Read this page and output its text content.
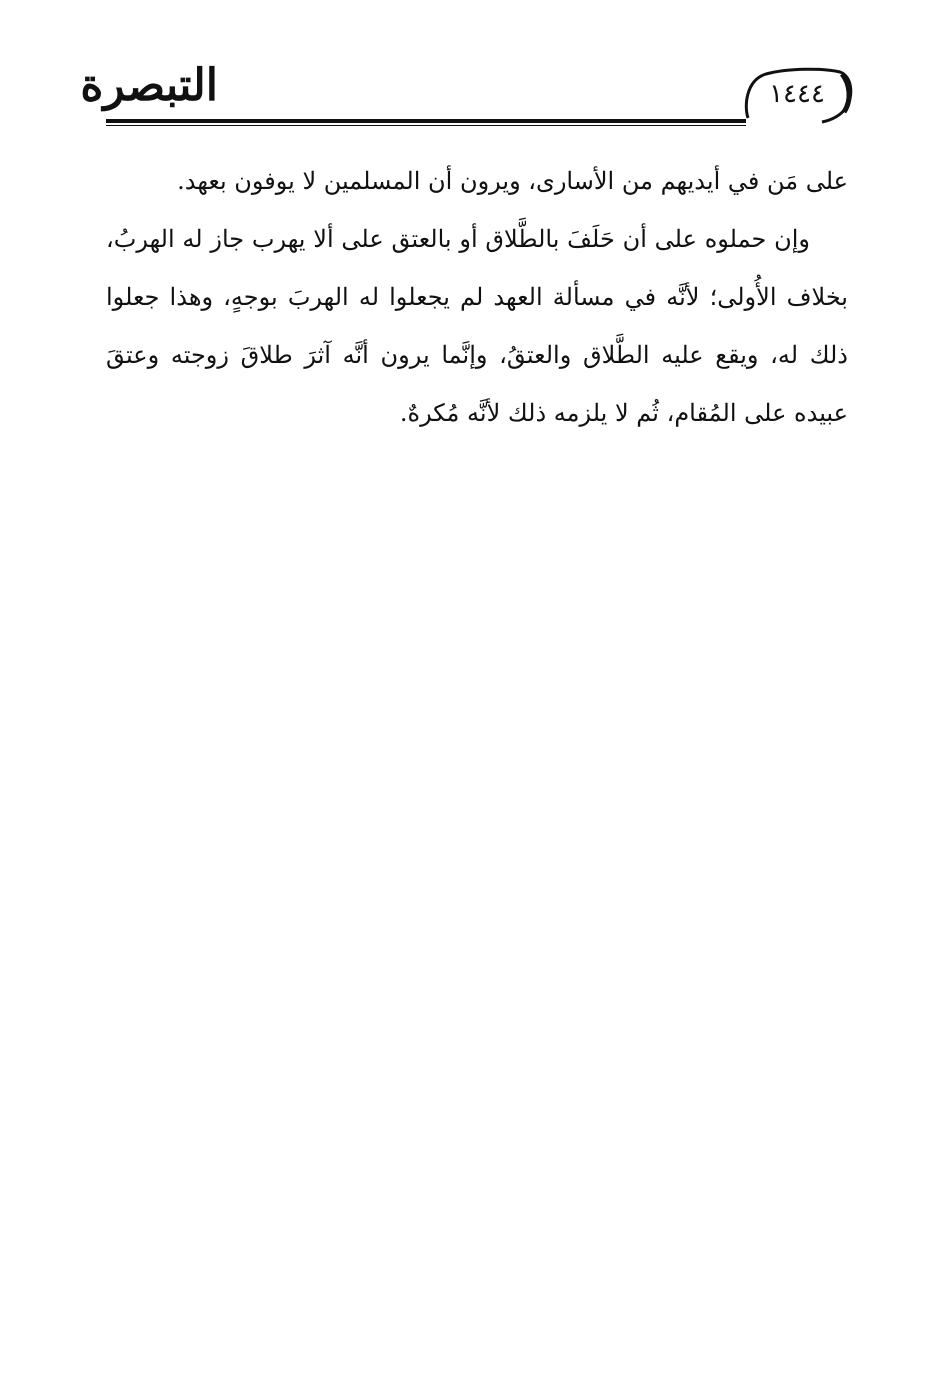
التبصرة	١٤٤٤

على مَن في أيديهم من الأسارى، ويرون أن المسلمين لا يوفون بعهد.

وإن حملوه على أن حَلَفَ بالطَّلاق أو بالعتق على ألا يهرب جاز له الهربُ، بخلاف الأُولى؛ لأنَّه في مسألة العهد لم يجعلوا له الهربَ بوجهٍ، وهذا جعلوا ذلك له، ويقع عليه الطَّلاق والعتقُ، وإنَّما يرون أنَّه آثرَ طلاقَ زوجته وعتقَ عبيده على المُقام، ثُم لا يلزمه ذلك لأنَّه مُكرهٌ.
